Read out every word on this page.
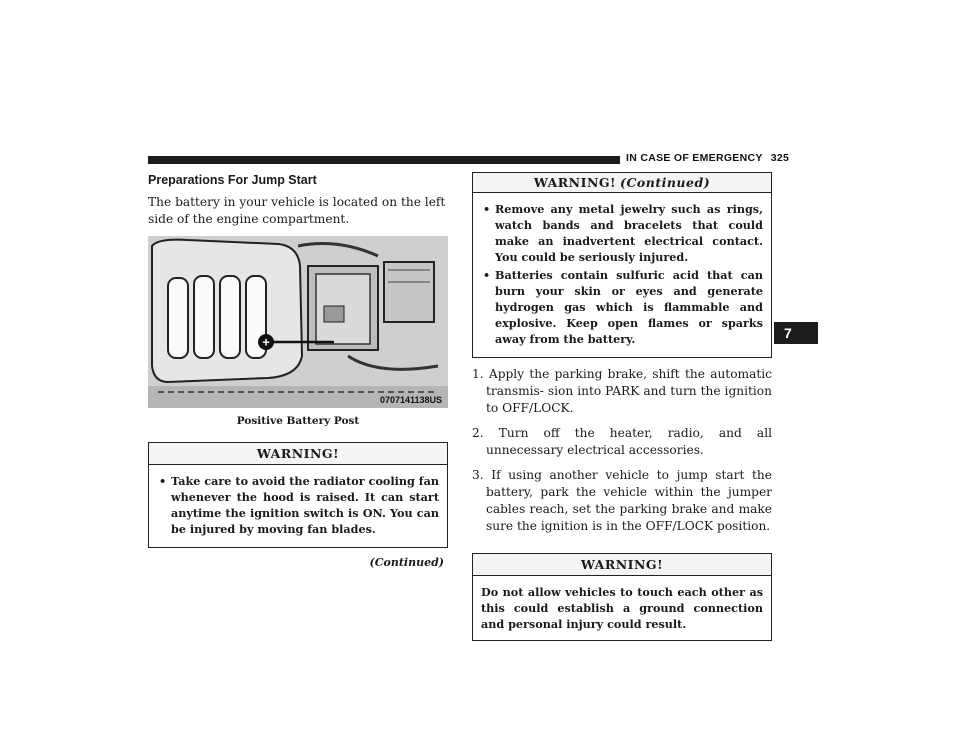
IN CASE OF EMERGENCY 325
7
Preparations For Jump Start

The battery in your vehicle is located on the left side of the engine compartment.

+
0707141138US
Positive Battery Post
WARNING!
• Take care to avoid the radiator cooling fan whenever the hood is raised. It can start anytime the ignition switch is ON. You can be injured by moving fan blades.
(Continued)
WARNING! (Continued)
• Remove any metal jewelry such as rings, watch bands and bracelets that could make an inadvertent electrical contact. You could be seriously injured.
• Batteries contain sulfuric acid that can burn your skin or eyes and generate hydrogen gas which is flammable and explosive. Keep open flames or sparks away from the battery.
1. Apply the parking brake, shift the automatic transmis- sion into PARK and turn the ignition to OFF/LOCK.
2. Turn off the heater, radio, and all unnecessary electrical accessories.
3. If using another vehicle to jump start the battery, park the vehicle within the jumper cables reach, set the parking brake and make sure the ignition is in the OFF/LOCK position.
WARNING!
Do not allow vehicles to touch each other as this could establish a ground connection and personal injury could result.
